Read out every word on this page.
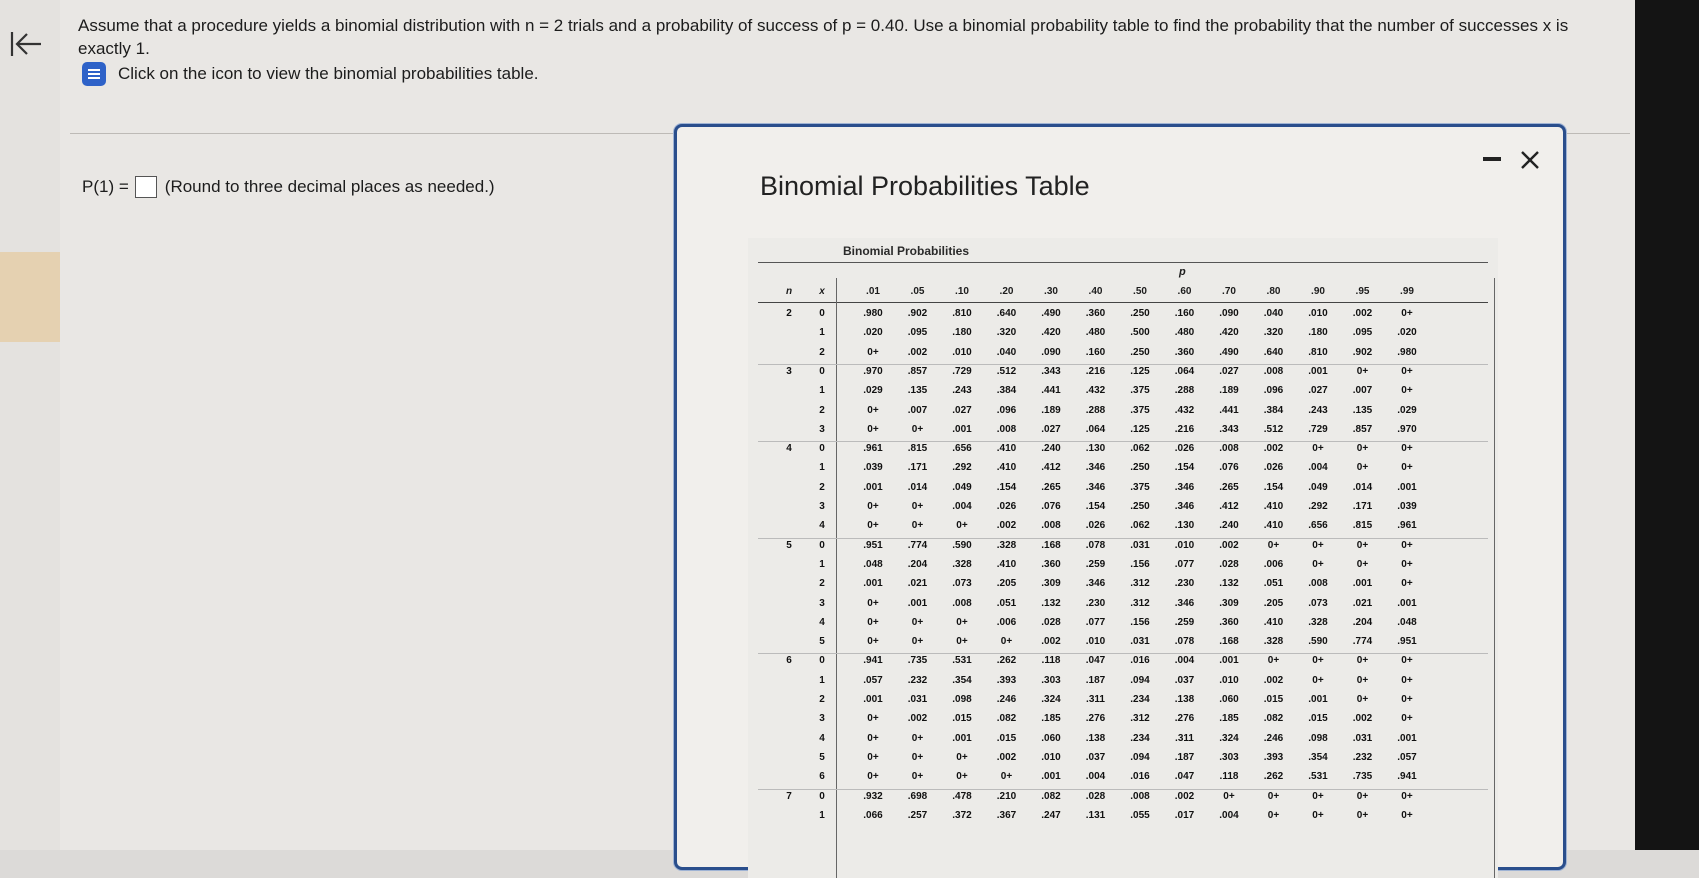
Assume that a procedure yields a binomial distribution with n = 2 trials and a probability of success of p = 0.40. Use a binomial probability table to find the probability that the number of successes x is exactly 1.
Click on the icon to view the binomial probabilities table.
P(1) = (Round to three decimal places as needed.)	Binomial Probabilities Table
Binomial Probabilities
p
n	x	.01	.05	.10	.20	.30	.40	.50	.60	.70	.80	.90	.95	.99
2	0	.980	.902	.810	.640	.490	.360	.250	.160	.090	.040	.010	.002	0+
1	.020	.095	.180	.320	.420	.480	.500	.480	.420	.320	.180	.095	.020
2	0+	.002	.010	.040	.090	.160	.250	.360	.490	.640	.810	.902	.980
3	0	.970	.857	.729	.512	.343	.216	.125	.064	.027	.008	.001	0+	0+
1	.029	.135	.243	.384	.441	.432	.375	.288	.189	.096	.027	.007	0+
2	0+	.007	.027	.096	.189	.288	.375	.432	.441	.384	.243	.135	.029
3	0+	0+	.001	.008	.027	.064	.125	.216	.343	.512	.729	.857	.970
4	0	.961	.815	.656	.410	.240	.130	.062	.026	.008	.002	0+	0+	0+
1	.039	.171	.292	.410	.412	.346	.250	.154	.076	.026	.004	0+	0+
2	.001	.014	.049	.154	.265	.346	.375	.346	.265	.154	.049	.014	.001
3	0+	0+	.004	.026	.076	.154	.250	.346	.412	.410	.292	.171	.039
4	0+	0+	0+	.002	.008	.026	.062	.130	.240	.410	.656	.815	.961
5	0	.951	.774	.590	.328	.168	.078	.031	.010	.002	0+	0+	0+	0+
1	.048	.204	.328	.410	.360	.259	.156	.077	.028	.006	0+	0+	0+
2	.001	.021	.073	.205	.309	.346	.312	.230	.132	.051	.008	.001	0+
3	0+	.001	.008	.051	.132	.230	.312	.346	.309	.205	.073	.021	.001
4	0+	0+	0+	.006	.028	.077	.156	.259	.360	.410	.328	.204	.048
5	0+	0+	0+	0+	.002	.010	.031	.078	.168	.328	.590	.774	.951
6	0	.941	.735	.531	.262	.118	.047	.016	.004	.001	0+	0+	0+	0+
1	.057	.232	.354	.393	.303	.187	.094	.037	.010	.002	0+	0+	0+
2	.001	.031	.098	.246	.324	.311	.234	.138	.060	.015	.001	0+	0+
3	0+	.002	.015	.082	.185	.276	.312	.276	.185	.082	.015	.002	0+
4	0+	0+	.001	.015	.060	.138	.234	.311	.324	.246	.098	.031	.001
5	0+	0+	0+	.002	.010	.037	.094	.187	.303	.393	.354	.232	.057
6	0+	0+	0+	0+	.001	.004	.016	.047	.118	.262	.531	.735	.941
7	0	.932	.698	.478	.210	.082	.028	.008	.002	0+	0+	0+	0+	0+
1	.066	.257	.372	.367	.247	.131	.055	.017	.004	0+	0+	0+	0+
